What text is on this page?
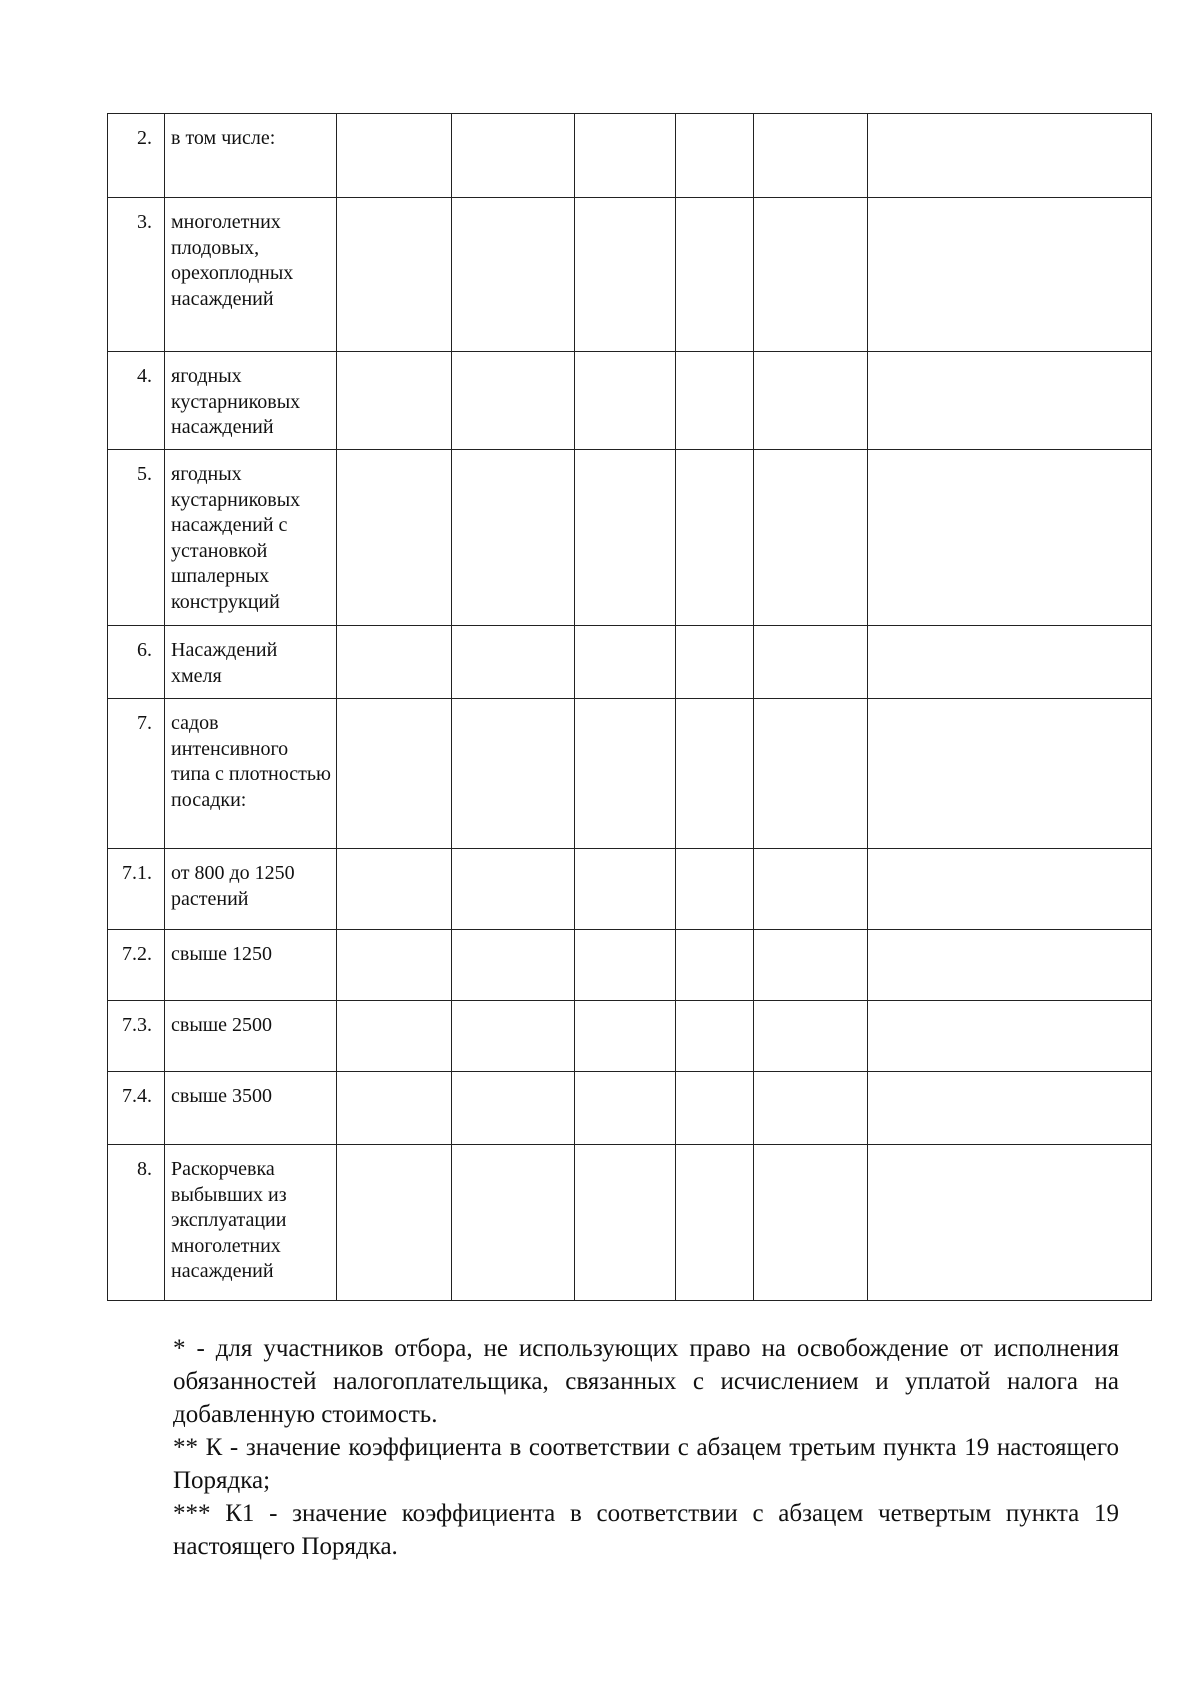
2.	в том числе:						
3.	многолетних плодовых, орехоплодных насаждений						
4.	ягодных кустарниковых насаждений						
5.	ягодных кустарниковых насаждений с установкой шпалерных конструкций						
6.	Насаждений хмеля						
7.	садов интенсивного типа с плотностью посадки:						
7.1.	от 800 до 1250 растений						
7.2.	свыше 1250						
7.3.	свыше 2500						
7.4.	свыше 3500						
8.	Раскорчевка выбывших из эксплуатации многолетних насаждений						

* - для участников отбора, не использующих право на освобождение от исполнения обязанностей налогоплательщика, связанных с исчислением и уплатой налога на добавленную стоимость.

** К - значение коэффициента в соответствии с абзацем третьим пункта 19 настоящего Порядка;

*** К1 - значение коэффициента в соответствии с абзацем четвертым пункта 19 настоящего Порядка.
